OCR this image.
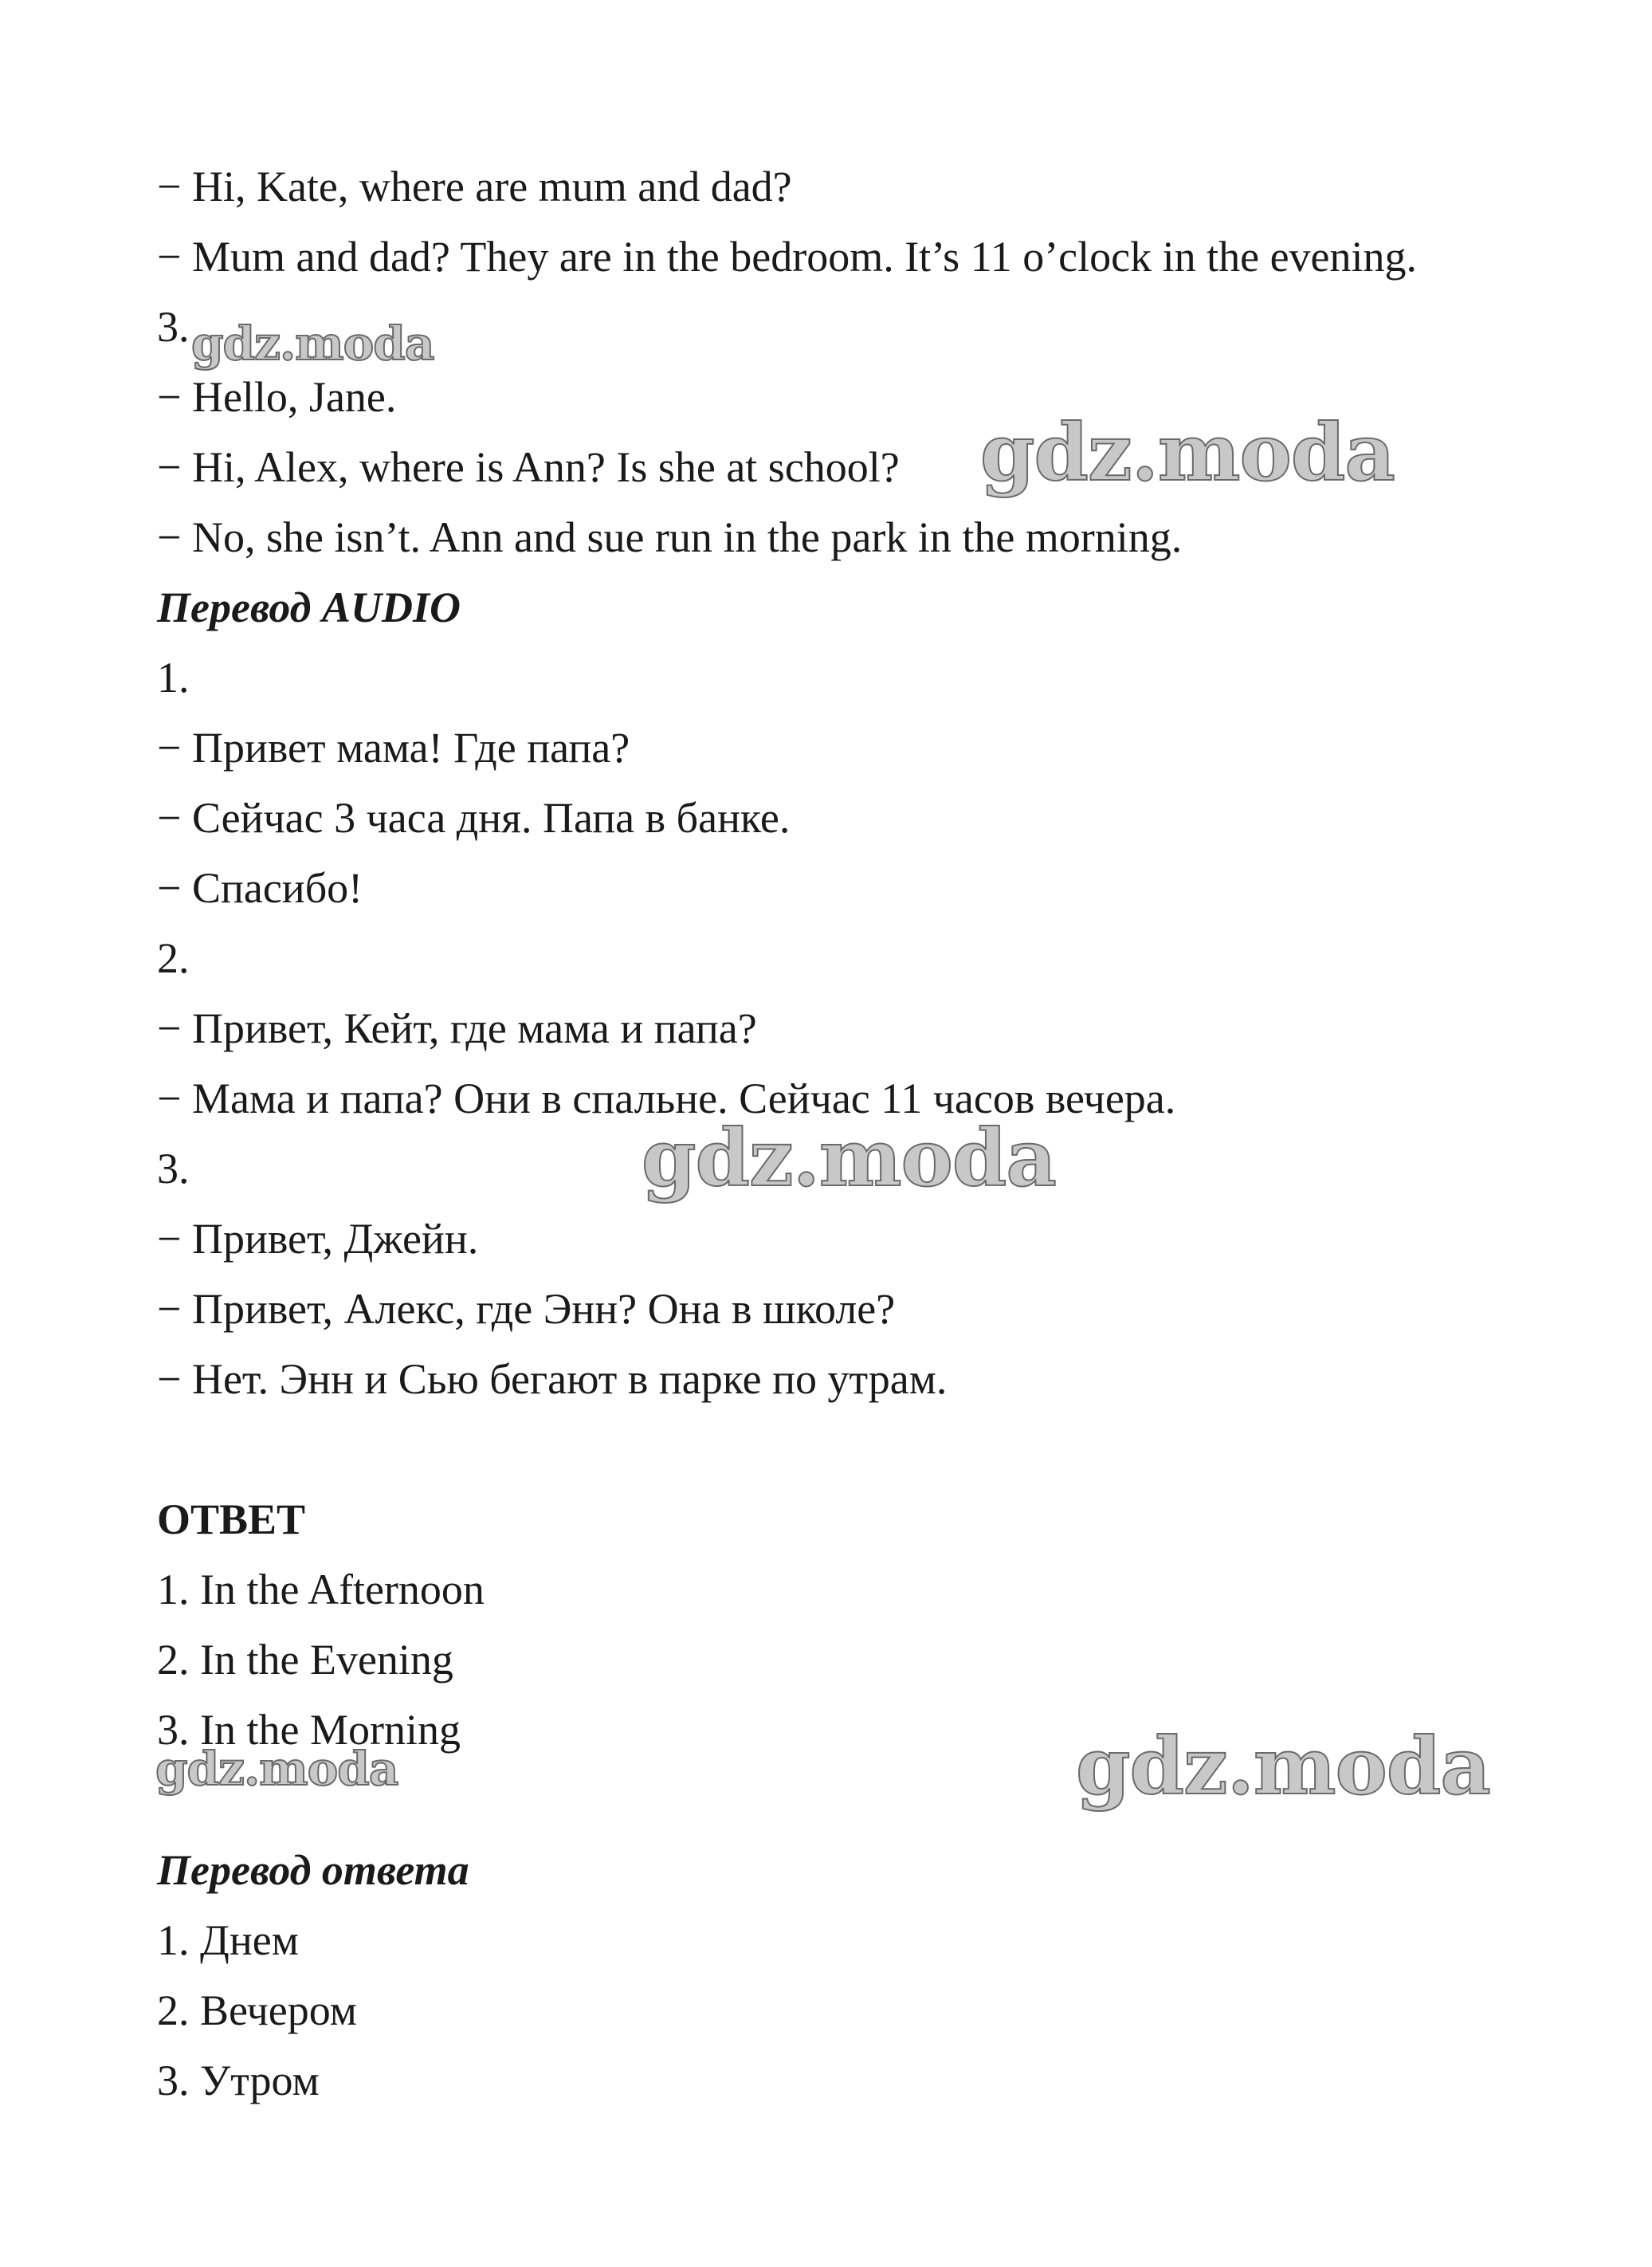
− Hi, Kate, where are mum and dad?
− Mum and dad? They are in the bedroom. It’s 11 o’clock in the evening.
3.
− Hello, Jane.
− Hi, Alex, where is Ann? Is she at school?
− No, she isn’t. Ann and sue run in the park in the morning.
Перевод AUDIO
1.
− Привет мама! Где папа?
− Сейчас 3 часа дня. Папа в банке.
− Спасибо!
2.
− Привет, Кейт, где мама и папа?
− Мама и папа? Они в спальне. Сейчас 11 часов вечера.
3.
− Привет, Джейн.
− Привет, Алекс, где Энн? Она в школе?
− Нет. Энн и Сью бегают в парке по утрам.
ОТВЕТ
1. In the Afternoon
2. In the Evening
3. In the Morning
Перевод ответа
1. Днем
2. Вечером
3. Утром
gdz.moda
gdz.moda
gdz.moda
gdz.moda	gdz.moda
